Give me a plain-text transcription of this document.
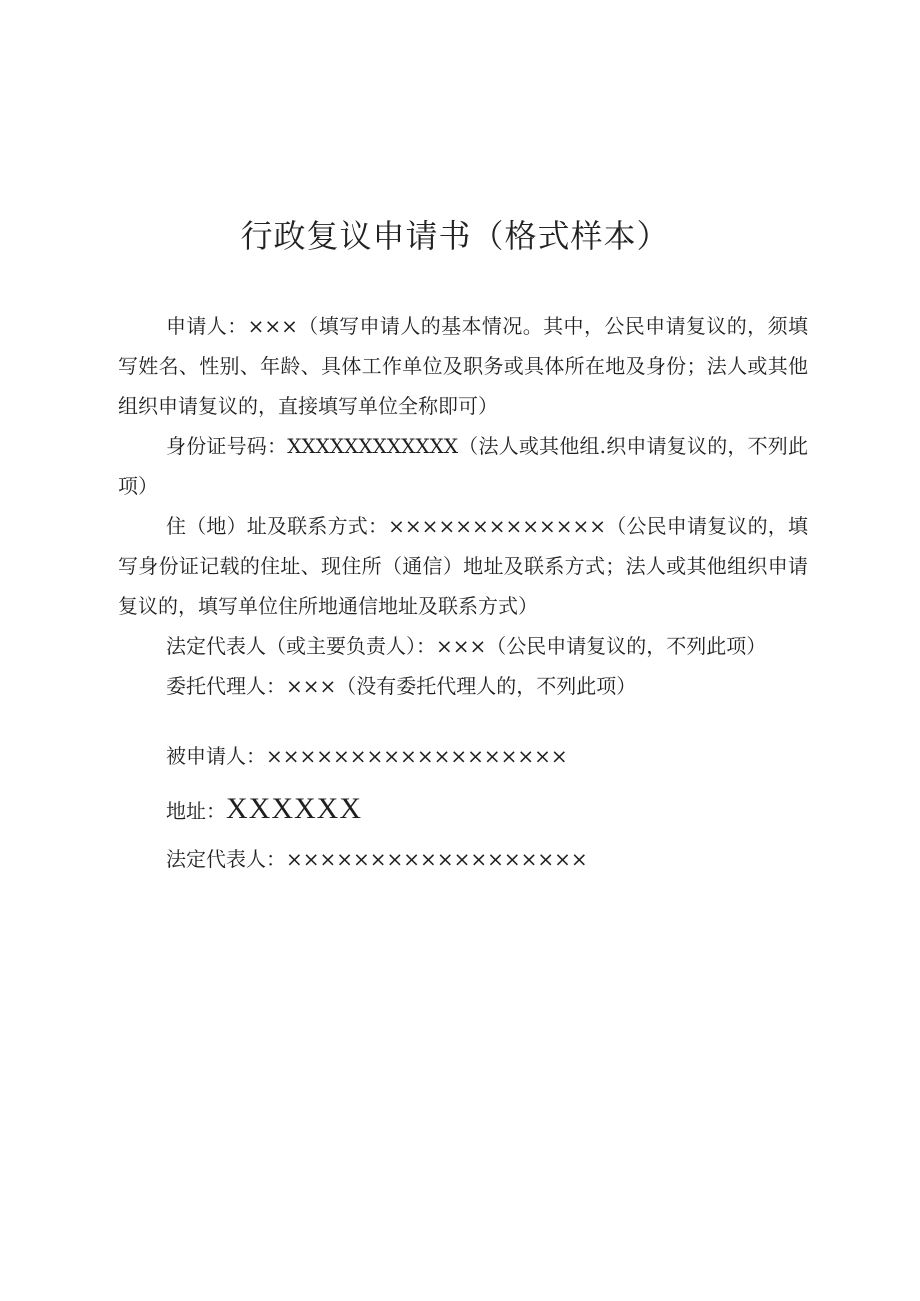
行政复议申请书（格式样本）

申请人：×××（填写申请人的基本情况。其中，公民申请复议的，须填写姓名、性别、年龄、具体工作单位及职务或具体所在地及身份；法人或其他组织申请复议的，直接填写单位全称即可）

身份证号码：XXXXXXXXXXXX（法人或其他组.织申请复议的，不列此项）

住（地）址及联系方式：×××××××××××××（公民申请复议的，填写身份证记载的住址、现住所（通信）地址及联系方式；法人或其他组织申请复议的，填写单位住所地通信地址及联系方式）

法定代表人（或主要负责人）：×××（公民申请复议的，不列此项）

委托代理人：×××（没有委托代理人的，不列此项）

被申请人：××××××××××××××××××

地址：XXXXXX

法定代表人：××××××××××××××××××
